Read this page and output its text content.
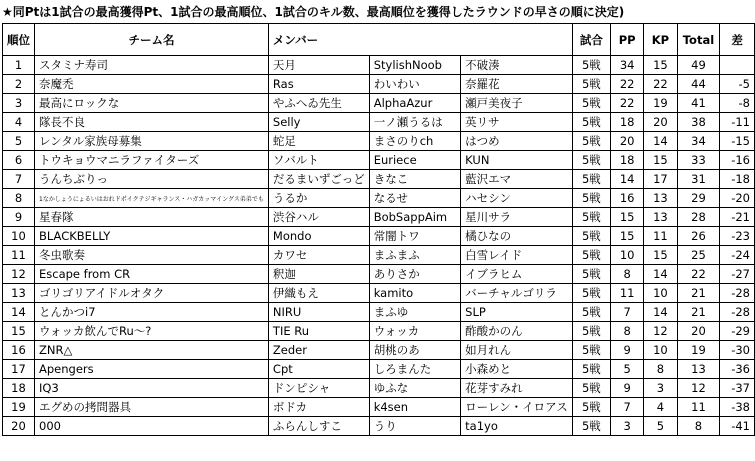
★同Ptは1試合の最高獲得Pt、1試合の最高順位、1試合のキル数、最高順位を獲得したラウンドの早さの順に決定)
順位	チーム名	メンバー			試合	PP	KP	Total	差
1	スタミナ寿司	天月	StylishNoob	不破湊	5戦	34	15	49	
2	奈魔禿	Ras	わいわい	奈羅花	5戦	22	22	44	-5
3	最高にロックな	やふへゐ先生	AlphaAzur	瀬戸美夜子	5戦	22	19	41	-8
4	隊長不良	Selly	一ノ瀬うるは	英リサ	5戦	18	20	38	-11
5	レンタル家族母募集	蛇足	まさのりch	はつめ	5戦	20	14	34	-15
6	トウキョウマニラファイターズ	ソバルト	Euriece	KUN	5戦	18	15	33	-16
7	うんちぶりっ	だるまいずごっど	きなこ	藍沢エマ	5戦	14	17	31	-18
8	1なかしょうにょるいはおれドポイクテジギャランス・ハガカッマイングス弟弟でも	うるか	なるせ	ハセシン	5戦	16	13	29	-20
9	星春隊	渋谷ハル	BobSappAim	星川サラ	5戦	15	13	28	-21
10	BLACKBELLY	Mondo	常闇トワ	橘ひなの	5戦	15	11	26	-23
11	冬虫歌奏	カワセ	まふまふ	白雪レイド	5戦	10	15	25	-24
12	Escape from CR	釈迦	ありさか	イブラヒム	5戦	8	14	22	-27
13	ゴリゴリアイドルオタク	伊織もえ	kamito	バーチャルゴリラ	5戦	11	10	21	-28
14	とんかつi7	NIRU	まふゆ	SLP	5戦	7	14	21	-28
15	ウォッカ飲んでRu～?	TIE Ru	ウォッカ	酢酸かのん	5戦	8	12	20	-29
16	ZNR△	Zeder	胡桃のあ	如月れん	5戦	9	10	19	-30
17	Apengers	Cpt	しろまんた	小森めと	5戦	5	8	13	-36
18	IQ3	ドンピシャ	ゆふな	花芽すみれ	5戦	9	3	12	-37
19	エグめの拷問器具	ボドカ	k4sen	ローレン・イロアス	5戦	7	4	11	-38
20	000	ふらんしすこ	うり	ta1yo	5戦	3	5	8	-41
